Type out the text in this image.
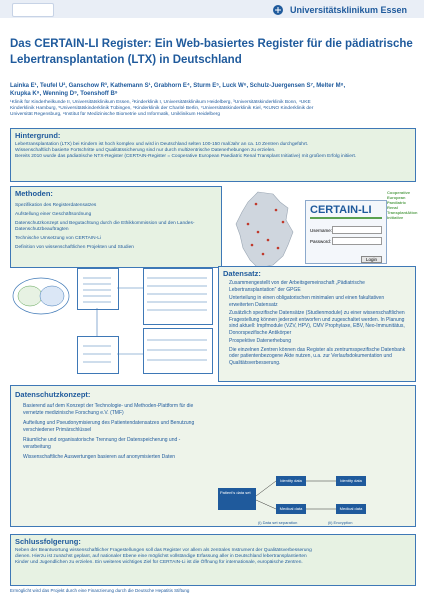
Universitätsklinikum Essen
Das CERTAIN-LI Register: Ein Web-basiertes Register für die pädiatrische
Lebertransplantation (LTX) in Deutschland
Lainka E¹, Teufel U², Ganschow R³, Kathemann S¹, Grabhorn E⁴, Sturm E⁵, Luck W⁶, Schulz-Juergensen S⁷, Melter M⁸,
Krupka K⁹, Wenning D⁹, Toenshoff B⁹
¹Klinik für Kinderheilkunde II, Universitätsklinikum Essen, ²Kinderklinik I, Universitätsklinikum Heidelberg, ³Universitätskinderklinik Bonn, ⁴UKE
Kinderklinik Hamburg, ⁵Universitätskinderklinik Tübingen, ⁶Kinderklinik der Charité Berlin, ⁷Universitätskinderklinik Kiel, ⁸KUNO Kinderklinik der
Universität Regensburg, ⁹Institut für Medizinische Biometrie und Informatik, Uniklinikum Heidelberg
Hintergrund:
Lebertransplantation (LTX) bei Kindern ist hoch komplex und wird in Deutschland selten 100-150 mal/Jahr an ca. 10 Zentren durchgeführt.
Wissenschaftlich basierte Fortschritte und Qualitätssicherung sind nur durch multizentrische Datenerhebungen zu erzielen.
Bereits 2010 wurde das pädiatrische NTX-Register (CERTAIN-Register = Cooperative European Paediatric Renal Transplant Initiative) mit großem Erfolg initiiert.
Methoden:
Spezifikation des Registerdatensatzes
Aufstellung einer Geschäftsordnung
Datenschutzkonzept und Begutachtung durch die Ethikkommission und den Landes-Datenschutzbeauftragten
Technische Umsetzung von CERTAIN-Li
Definition von wissenschaftlichen Projekten und Studien
CERTAIN-LI
Username:
Password:
Login
Cooperative European Paediatric Renal TransplantAtion Initiative
Datensatz:
Zusammengestellt von der Arbeitsgemeinschaft „Pädiatrische Lebertransplantation“ der GPGE
Unterteilung in einen obligatorischen minimalen und einen fakultativen erweiterten Datensatz
Zusätzlich spezifische Datensätze (Studienmodule) zu einer wissenschaftlichen Fragestellung können jederzeit entworfen und zugeschaltet werden. In Planung sind aktuell: Impfmodule (VZV, HPV), CMV Prophylaxe, EBV, Neo-Immunitätus, Donorspezifische Antikörper
Prospektive Datenerhebung
Die einzelnen Zentren können das Register als zentrumsspezifische Datenbank oder patientenbezogene Akte nutzen, u.a. zur Verlaufsdokumentation und Qualitätsverbesserung.
Datenschutzkonzept:
Basierend auf dem Konzept der Technologie- und Methoden-Plattform für die vernetzte medizinische Forschung e.V. (TMF)
Aufteilung und Pseudonymisierung des Patientendatensatzes und Benutzung verschiedener Primärschlüssel
Räumliche und organisatorische Trennung der Datenspeicherung und -verarbeitung
Wissenschaftliche Auswertungen basieren auf anonymisierten Daten
Patient's data set
Identity data
Medical data
Identity data
Medical data
(i) Data set separation	(ii) Encryption
Schlussfolgerung:
Neben der Beantwortung wissenschaftlicher Fragestellungen soll das Register vor allem als zentrales Instrument der Qualitätsverbesserung
dienen. Hierzu ist zunächst geplant, auf nationaler Ebene eine möglichst vollständige Erfassung aller in Deutschland lebertransplantierten
Kinder und Jugendlichen zu erzielen. Ein weiteres wichtiges Ziel für CERTAIN-Li ist die Öffnung für internationale, europäische Zentren.
Ermöglicht wird das Projekt durch eine Finanzierung durch die Deutsche Hepatitis Stiftung
